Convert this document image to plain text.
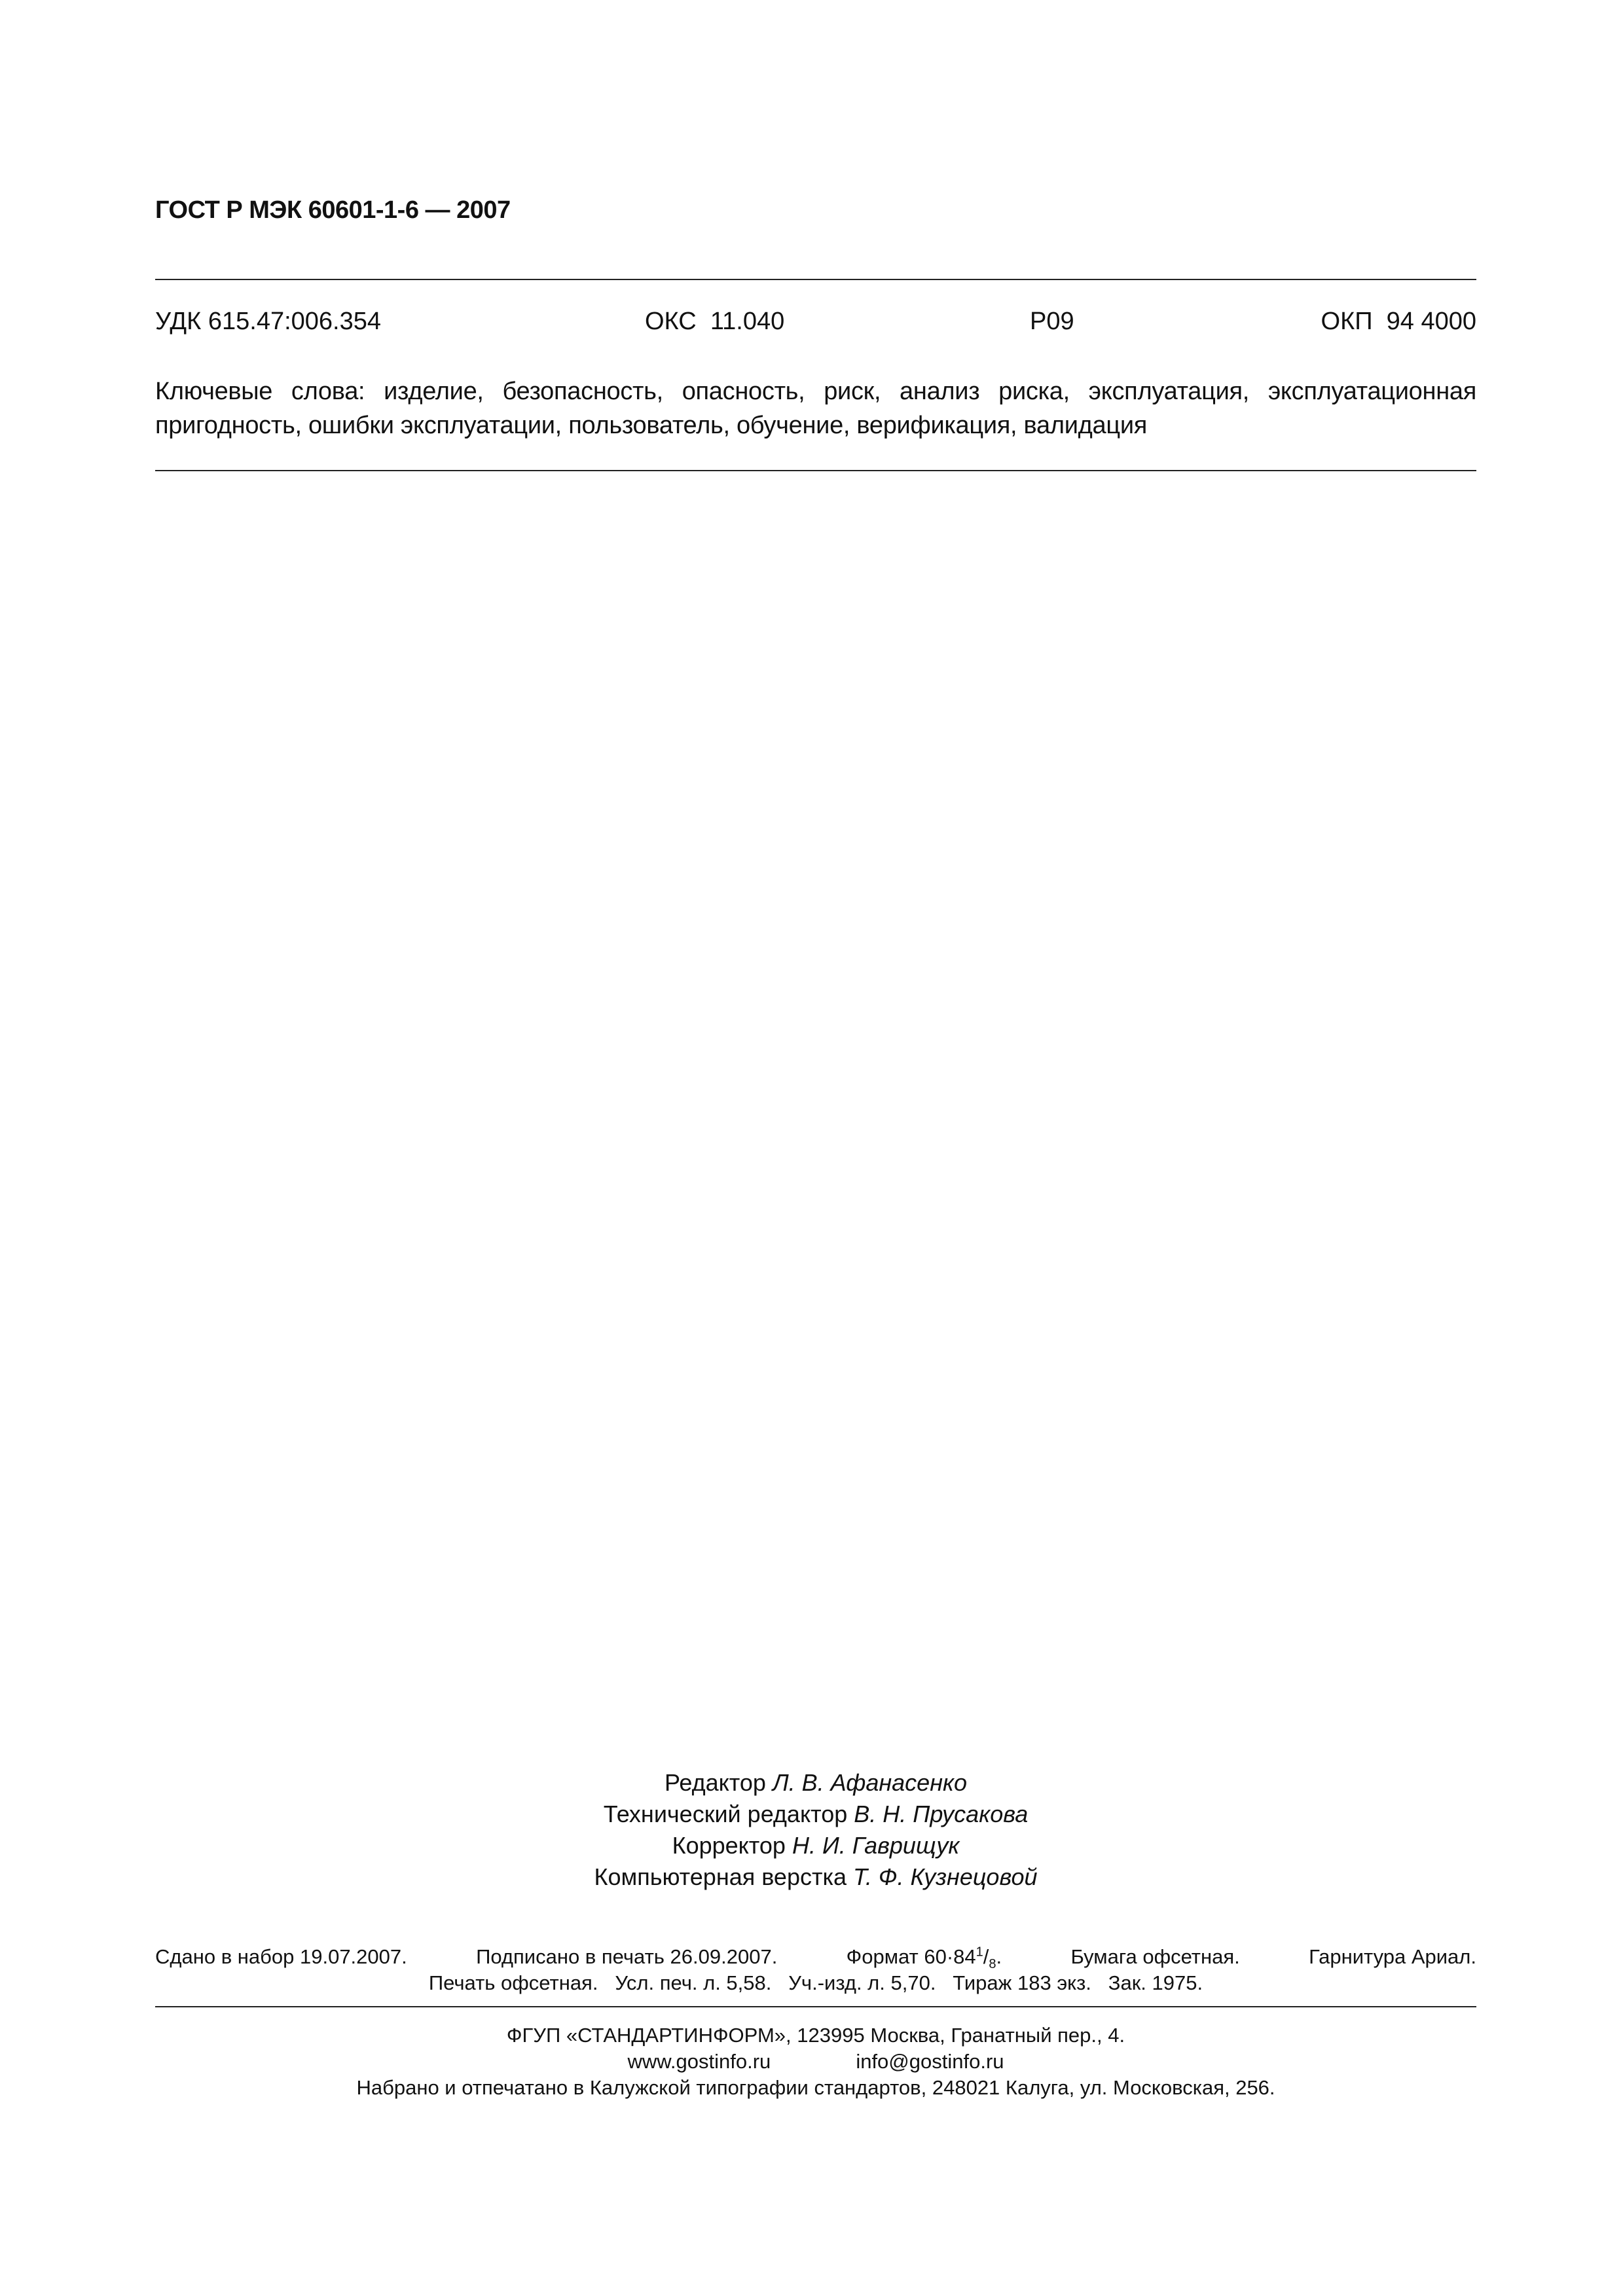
ГОСТ Р МЭК 60601-1-6 — 2007
УДК 615.47:006.354	ОКС  11.040	Р09	ОКП  94 4000
Ключевые слова: изделие, безопасность, опасность, риск, анализ риска, эксплуатация, эксплуатационная пригодность, ошибки эксплуатации, пользователь, обучение, верификация, валидация
Редактор Л. В. Афанасенко
Технический редактор В. Н. Прусакова
Корректор Н. И. Гаврищук
Компьютерная верстка Т. Ф. Кузнецовой
Сдано в набор 19.07.2007.	Подписано в печать 26.09.2007.	Формат $60\cdot 84^1/_8$.	Бумага офсетная.	Гарнитура Ариал.
Печать офсетная. Усл. печ. л. 5,58. Уч.-изд. л. 5,70. Тираж 183 экз. Зак. 1975.
ФГУП «СТАНДАРТИНФОРМ», 123995 Москва, Гранатный пер., 4.
www.gostinfo.ru	info@gostinfo.ru
Набрано и отпечатано в Калужской типографии стандартов, 248021 Калуга, ул. Московская, 256.
